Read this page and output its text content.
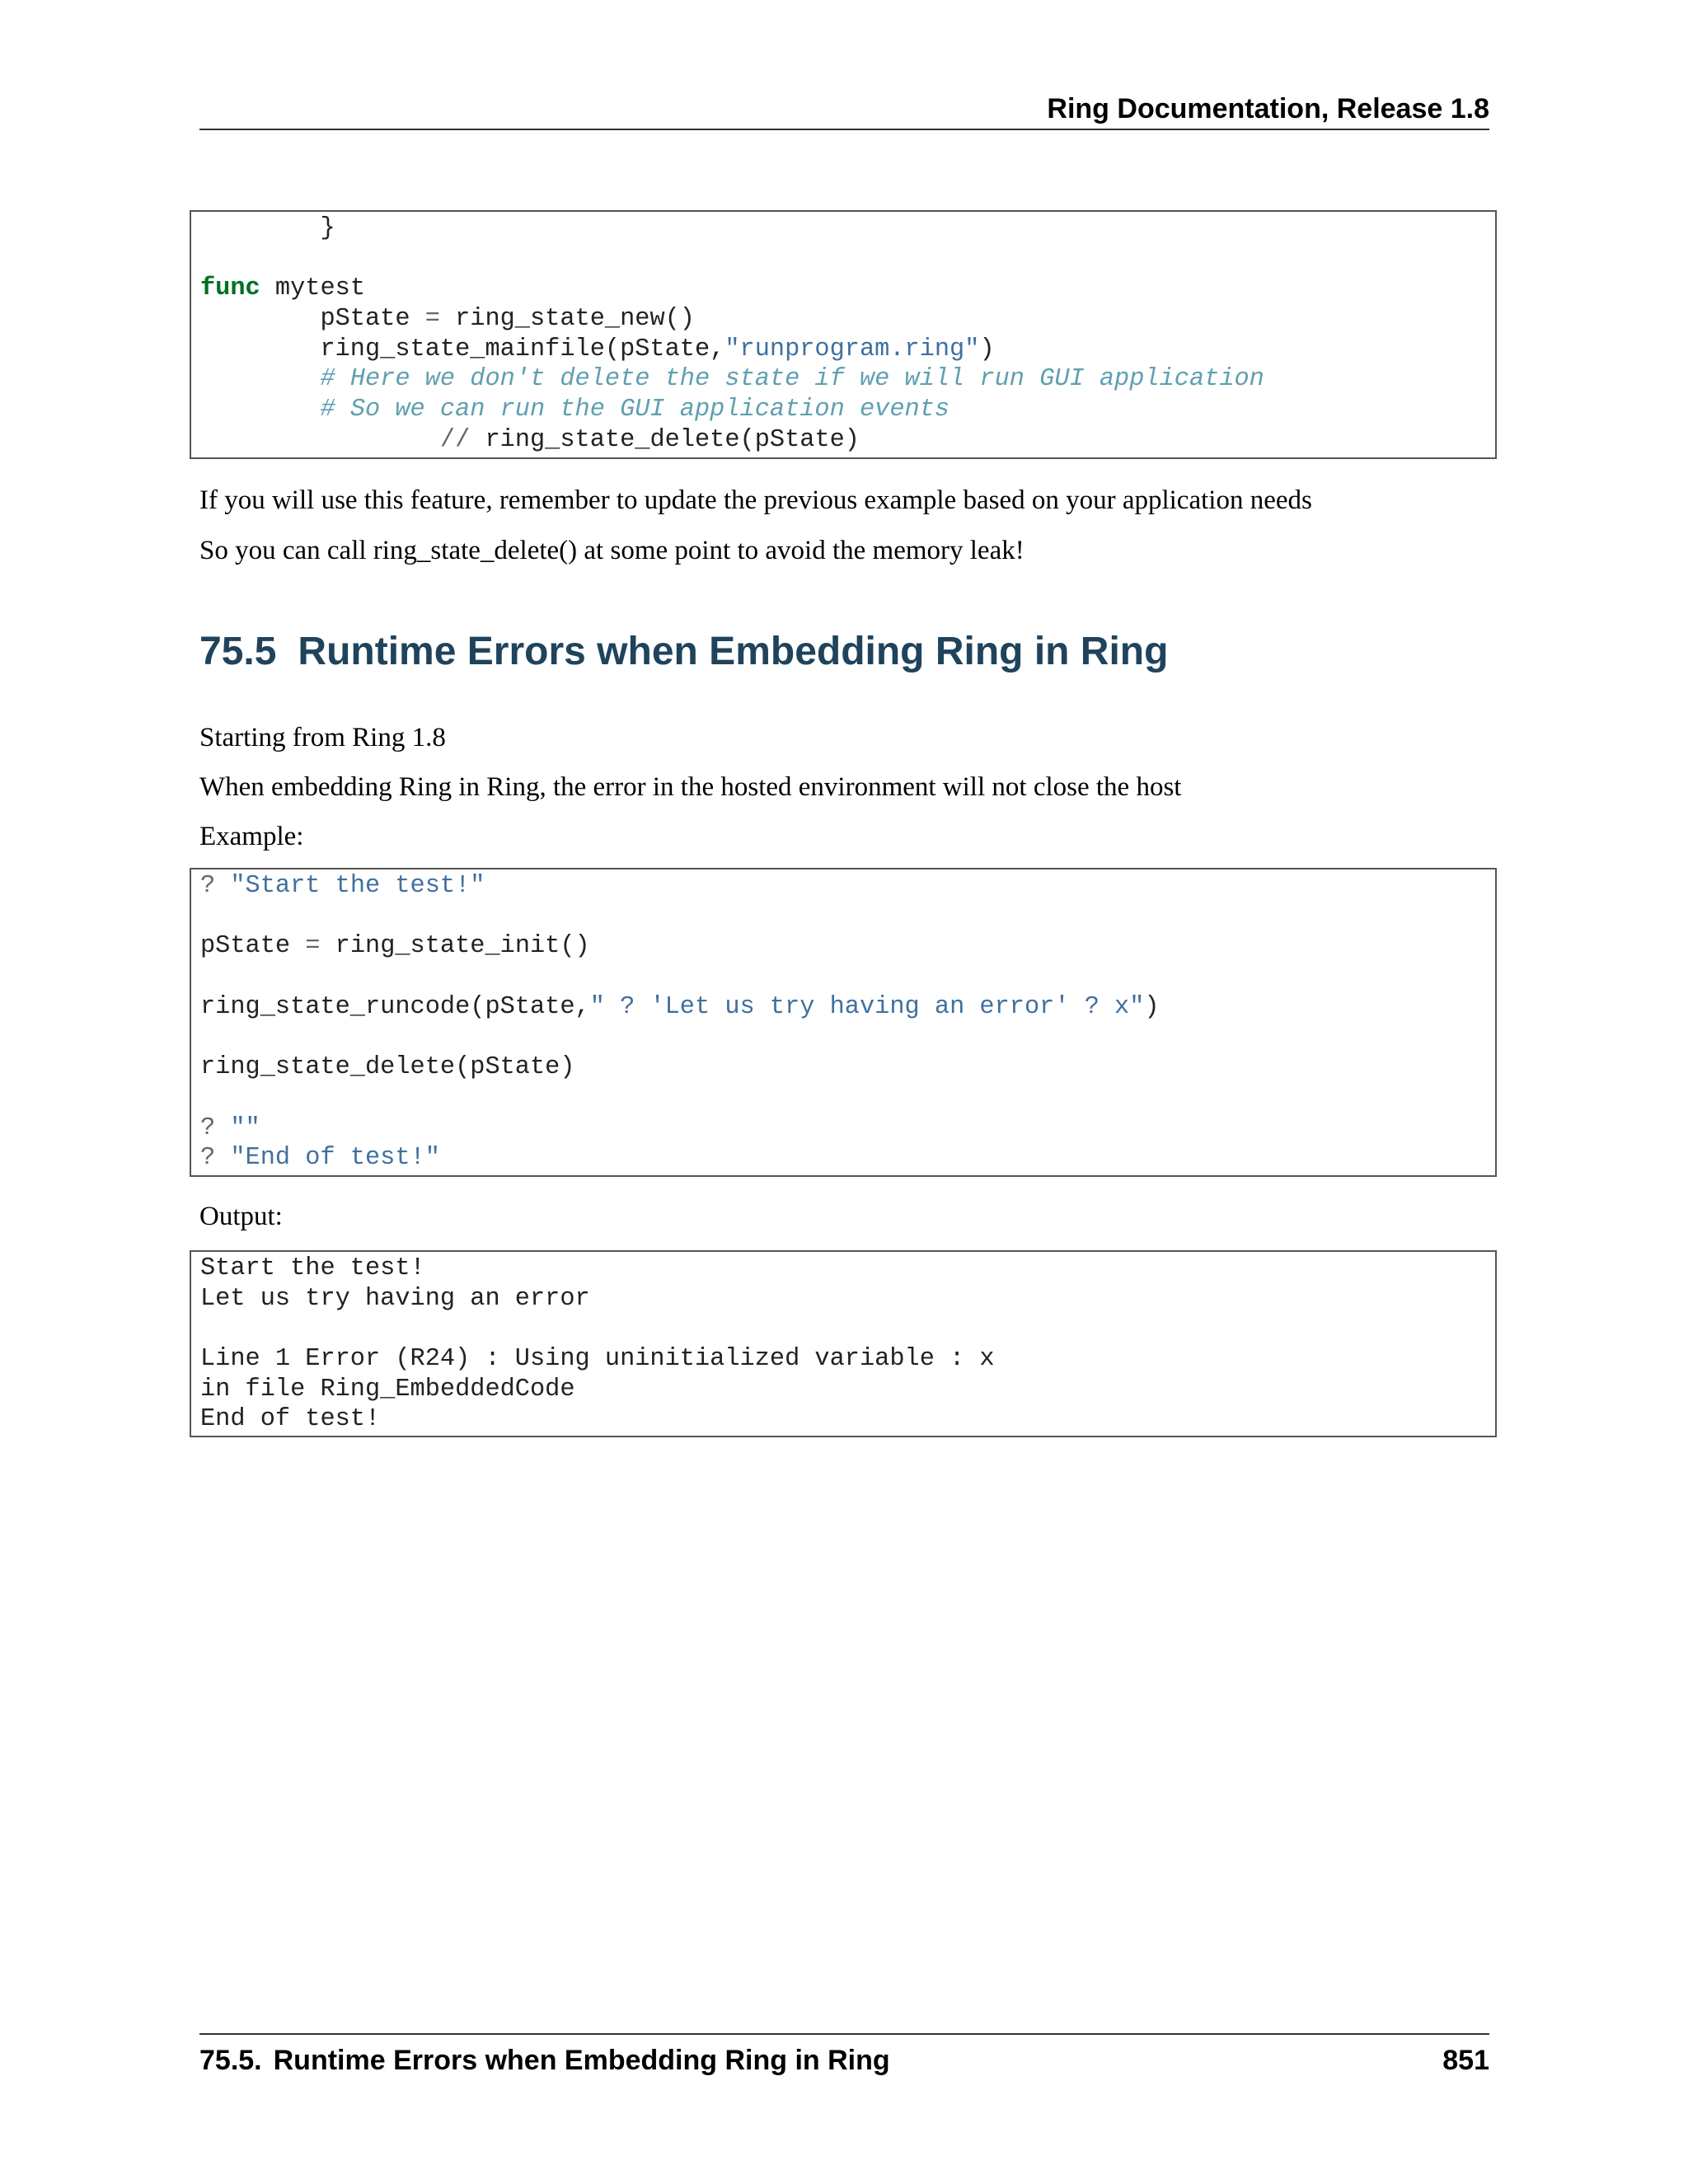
Ring Documentation, Release 1.8
}
func mytest
pState = ring_state_new()
ring_state_mainfile(pState,"runprogram.ring")
# Here we don't delete the state if we will run GUI application
# So we can run the GUI application events
// ring_state_delete(pState)
If you will use this feature, remember to update the previous example based on your application needs
So you can call ring_state_delete() at some point to avoid the memory leak!
75.5 Runtime Errors when Embedding Ring in Ring
Starting from Ring 1.8
When embedding Ring in Ring, the error in the hosted environment will not close the host
Example:
? "Start the test!"
pState = ring_state_init()
ring_state_runcode(pState," ? 'Let us try having an error' ? x")
ring_state_delete(pState)
? ""
? "End of test!"
Output:
Start the test!
Let us try having an error
Line 1 Error (R24) : Using uninitialized variable : x
in file Ring_EmbeddedCode
End of test!
75.5. Runtime Errors when Embedding Ring in Ring	851
